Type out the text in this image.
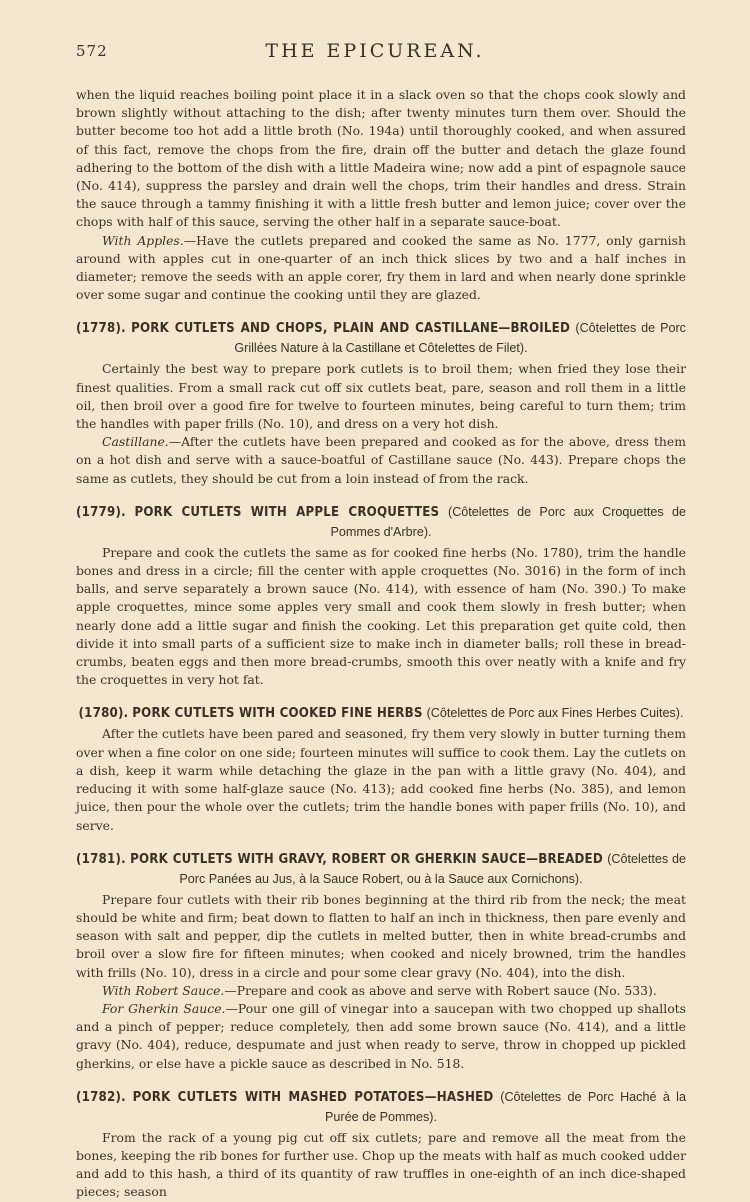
572	THE EPICUREAN.

when the liquid reaches boiling point place it in a slack oven so that the chops cook slowly and brown slightly without attaching to the dish; after twenty minutes turn them over. Should the butter become too hot add a little broth (No. 194a) until thoroughly cooked, and when assured of this fact, remove the chops from the fire, drain off the butter and detach the glaze found adhering to the bottom of the dish with a little Madeira wine; now add a pint of espagnole sauce (No. 414), suppress the parsley and drain well the chops, trim their handles and dress. Strain the sauce through a tammy finishing it with a little fresh butter and lemon juice; cover over the chops with half of this sauce, serving the other half in a separate sauce-boat.

With Apples.—Have the cutlets prepared and cooked the same as No. 1777, only garnish around with apples cut in one-quarter of an inch thick slices by two and a half inches in diameter; remove the seeds with an apple corer, fry them in lard and when nearly done sprinkle over some sugar and continue the cooking until they are glazed.

(1778). PORK CUTLETS AND CHOPS, PLAIN AND CASTILLANE—BROILED (Côtelettes de Porc Grillées Nature à la Castillane et Côtelettes de Filet).

Certainly the best way to prepare pork cutlets is to broil them; when fried they lose their finest qualities. From a small rack cut off six cutlets beat, pare, season and roll them in a little oil, then broil over a good fire for twelve to fourteen minutes, being careful to turn them; trim the handles with paper frills (No. 10), and dress on a very hot dish.

Castillane.—After the cutlets have been prepared and cooked as for the above, dress them on a hot dish and serve with a sauce-boatful of Castillane sauce (No. 443). Prepare chops the same as cutlets, they should be cut from a loin instead of from the rack.

(1779). PORK CUTLETS WITH APPLE CROQUETTES (Côtelettes de Porc aux Croquettes de Pommes d'Arbre).

Prepare and cook the cutlets the same as for cooked fine herbs (No. 1780), trim the handle bones and dress in a circle; fill the center with apple croquettes (No. 3016) in the form of inch balls, and serve separately a brown sauce (No. 414), with essence of ham (No. 390.) To make apple croquettes, mince some apples very small and cook them slowly in fresh butter; when nearly done add a little sugar and finish the cooking. Let this preparation get quite cold, then divide it into small parts of a sufficient size to make inch in diameter balls; roll these in bread-crumbs, beaten eggs and then more bread-crumbs, smooth this over neatly with a knife and fry the croquettes in very hot fat.

(1780). PORK CUTLETS WITH COOKED FINE HERBS (Côtelettes de Porc aux Fines Herbes Cuites).

After the cutlets have been pared and seasoned, fry them very slowly in butter turning them over when a fine color on one side; fourteen minutes will suffice to cook them. Lay the cutlets on a dish, keep it warm while detaching the glaze in the pan with a little gravy (No. 404), and reducing it with some half-glaze sauce (No. 413); add cooked fine herbs (No. 385), and lemon juice, then pour the whole over the cutlets; trim the handle bones with paper frills (No. 10), and serve.

(1781). PORK CUTLETS WITH GRAVY, ROBERT OR GHERKIN SAUCE—BREADED (Côtelettes de Porc Panées au Jus, à la Sauce Robert, ou à la Sauce aux Cornichons).

Prepare four cutlets with their rib bones beginning at the third rib from the neck; the meat should be white and firm; beat down to flatten to half an inch in thickness, then pare evenly and season with salt and pepper, dip the cutlets in melted butter, then in white bread-crumbs and broil over a slow fire for fifteen minutes; when cooked and nicely browned, trim the handles with frills (No. 10), dress in a circle and pour some clear gravy (No. 404), into the dish.

With Robert Sauce.—Prepare and cook as above and serve with Robert sauce (No. 533).

For Gherkin Sauce.—Pour one gill of vinegar into a saucepan with two chopped up shallots and a pinch of pepper; reduce completely, then add some brown sauce (No. 414), and a little gravy (No. 404), reduce, despumate and just when ready to serve, throw in chopped up pickled gherkins, or else have a pickle sauce as described in No. 518.

(1782). PORK CUTLETS WITH MASHED POTATOES—HASHED (Côtelettes de Porc Haché à la Purée de Pommes).

From the rack of a young pig cut off six cutlets; pare and remove all the meat from the bones, keeping the rib bones for further use. Chop up the meats with half as much cooked udder and add to this hash, a third of its quantity of raw truffles in one-eighth of an inch dice-shaped pieces; season
